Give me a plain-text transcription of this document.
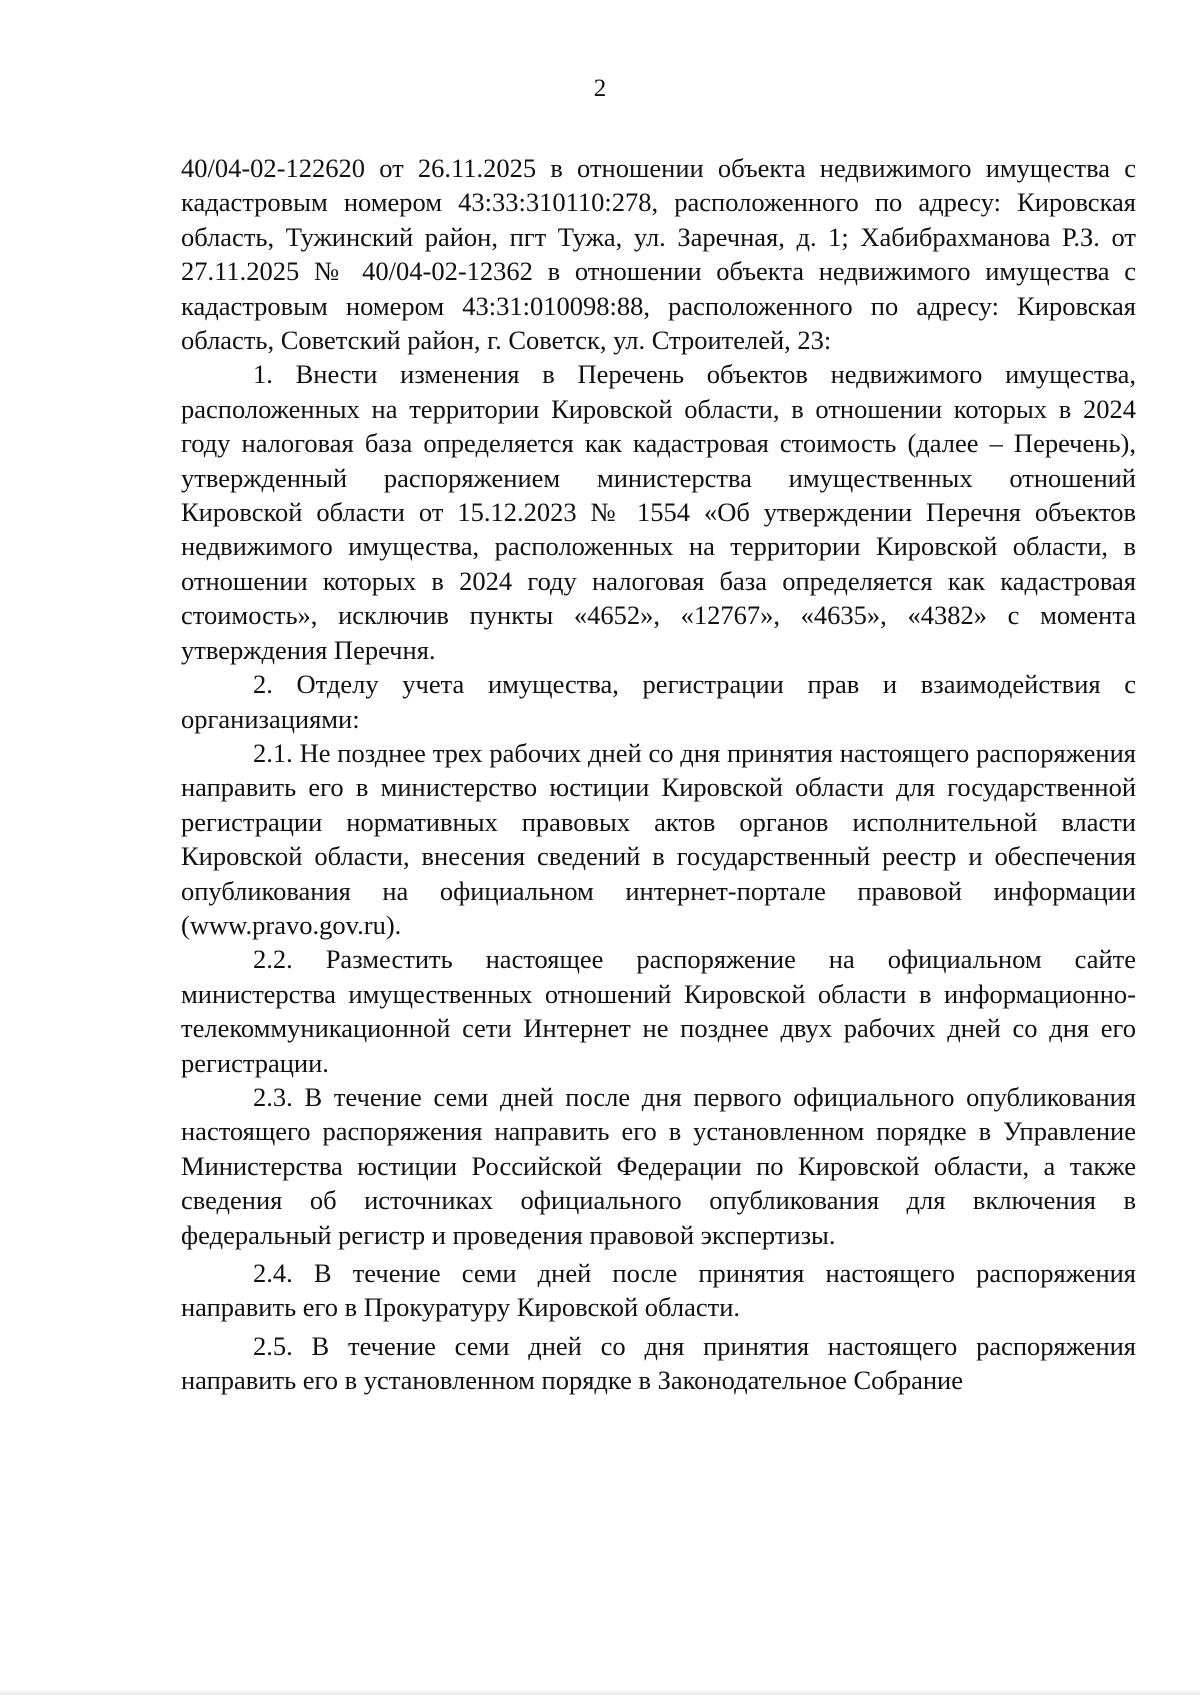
2

40/04-02-122620 от 26.11.2025 в отношении объекта недвижимого имущества с кадастровым номером 43:33:310110:278, расположенного по адресу: Кировская область, Тужинский район, пгт Тужа, ул. Заречная, д. 1; Хабибрахманова Р.З. от 27.11.2025 № 40/04-02-12362 в отношении объекта недвижимого имущества с кадастровым номером 43:31:010098:88, расположенного по адресу: Кировская область, Советский район, г. Советск, ул. Строителей, 23:

1. Внести изменения в Перечень объектов недвижимого имущества, расположенных на территории Кировской области, в отношении которых в 2024 году налоговая база определяется как кадастровая стоимость (далее – Перечень), утвержденный распоряжением министерства имущественных отношений Кировской области от 15.12.2023 № 1554 «Об утверждении Перечня объектов недвижимого имущества, расположенных на территории Кировской области, в отношении которых в 2024 году налоговая база определяется как кадастровая стоимость», исключив пункты «4652», «12767», «4635», «4382» с момента утверждения Перечня.

2. Отделу учета имущества, регистрации прав и взаимодействия с организациями:

2.1. Не позднее трех рабочих дней со дня принятия настоящего распоряжения направить его в министерство юстиции Кировской области для государственной регистрации нормативных правовых актов органов исполнительной власти Кировской области, внесения сведений в государственный реестр и обеспечения опубликования на официальном интернет-портале правовой информации (www.pravo.gov.ru).

2.2. Разместить настоящее распоряжение на официальном сайте министерства имущественных отношений Кировской области в информационно-телекоммуникационной сети Интернет не позднее двух рабочих дней со дня его регистрации.

2.3. В течение семи дней после дня первого официального опубликования настоящего распоряжения направить его в установленном порядке в Управление Министерства юстиции Российской Федерации по Кировской области, а также сведения об источниках официального опубликования для включения в федеральный регистр и проведения правовой экспертизы.

2.4. В течение семи дней после принятия настоящего распоряжения направить его в Прокуратуру Кировской области.

2.5. В течение семи дней со дня принятия настоящего распоряжения направить его в установленном порядке в Законодательное Собрание
